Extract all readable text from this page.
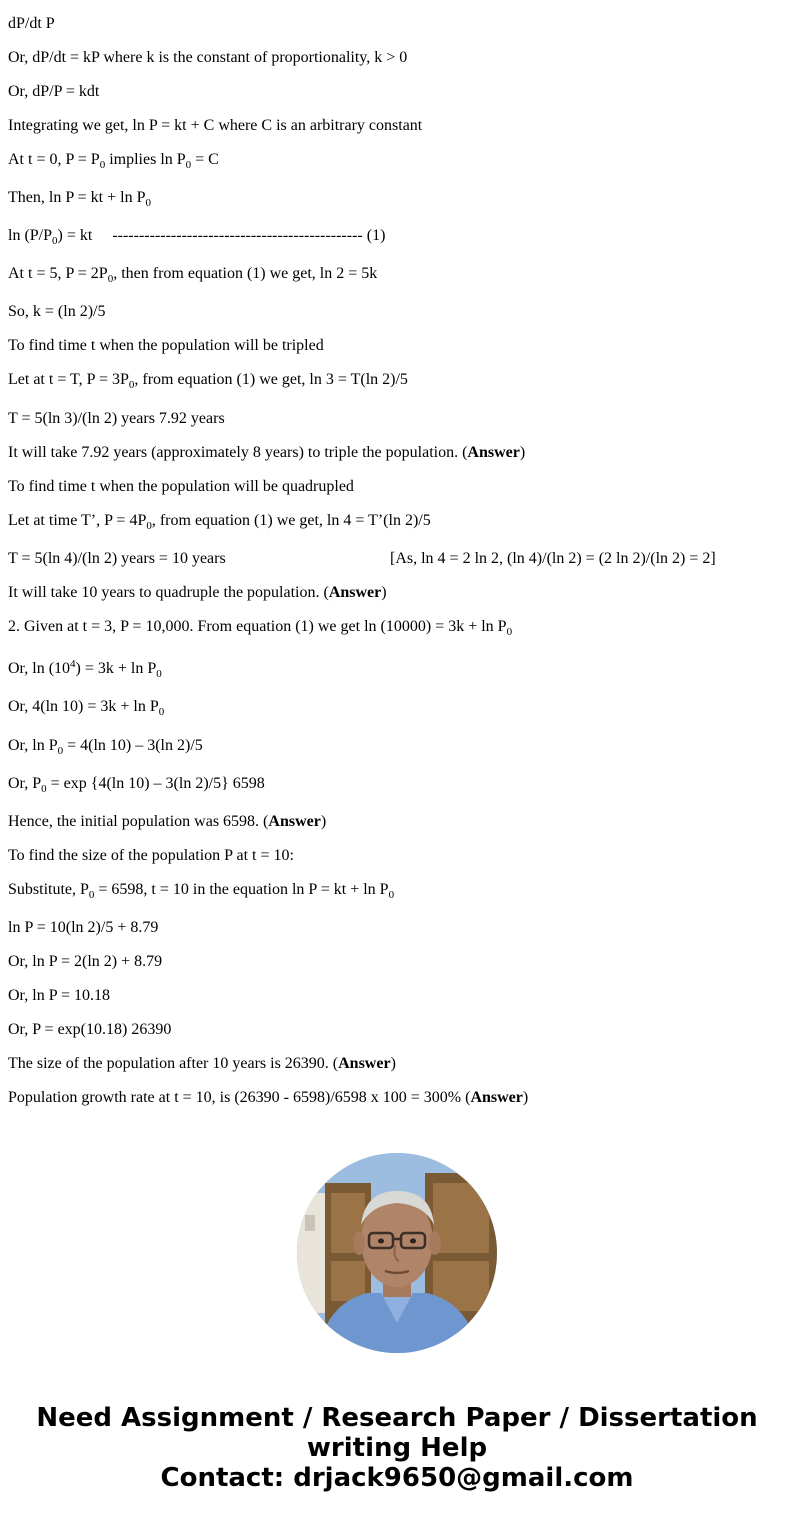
dP/dt P
Or, dP/dt = kP where k is the constant of proportionality, k > 0
Or, dP/P = kdt
Integrating we get, ln P = kt + C where C is an arbitrary constant
At t = 0, $P = P_0$ implies $\ln P_0 = C$
Then, ln P = kt + $\ln P_0$
$\ln (P/P_0)$ = kt     ----------------------------------------------- (1)
At t = 5, $P = 2P_0$, then from equation (1) we get, ln 2 = 5k
So, k = (ln 2)/5
To find time t when the population will be tripled
Let at t = T, $P = 3P_0$, from equation (1) we get, ln 3 = T(ln 2)/5
T = 5(ln 3)/(ln 2) years 7.92 years
It will take 7.92 years (approximately 8 years) to triple the population. (Answer)
To find time t when the population will be quadrupled
Let at time T’, $P = 4P_0$, from equation (1) we get, ln 4 = T’(ln 2)/5
T = 5(ln 4)/(ln 2) years = 10 years	[As, ln 4 = 2 ln 2, (ln 4)/(ln 2) = (2 ln 2)/(ln 2) = 2]
It will take 10 years to quadruple the population. (Answer)
2. Given at t = 3, P = 10,000. From equation (1) we get $\ln (10000) = 3k + \ln P_0$
Or, $\ln (10^4) = 3k + \ln P_0$
Or, 4(ln $10) = 3k + \ln P_0$
Or, $\ln P_0 = 4(\ln$ 10) – 3(ln 2)/5
Or, $P_0 = \exp \{4(\ln$ 10) – 3(ln 2)/5} 6598
Hence, the initial population was 6598. (Answer)
To find the size of the population P at t = 10:
Substitute, $P_0 = 6598$, t = 10 in the equation ln P = kt + $\ln P_0$
ln P = 10(ln 2)/5 + 8.79
Or, ln P = 2(ln 2) + 8.79
Or, ln P = 10.18
Or, P = exp(10.18) 26390
The size of the population after 10 years is 26390. (Answer)
Population growth rate at t = 10, is (26390 - 6598)/6598 x 100 = 300% (Answer)
Need Assignment / Research Paper / Dissertation
writing Help
Contact: drjack9650@gmail.com
